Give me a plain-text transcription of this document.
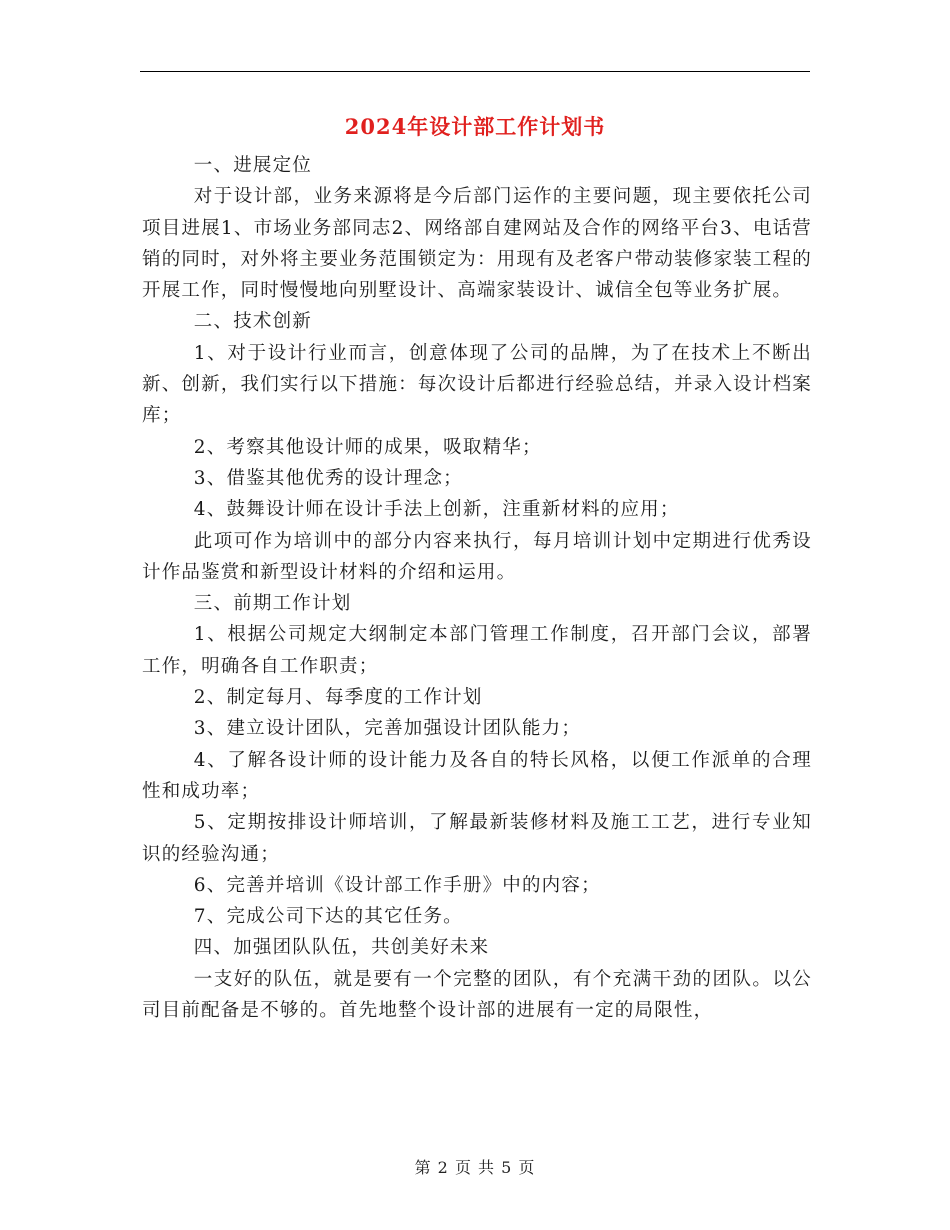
2024年设计部工作计划书

一、进展定位

对于设计部，业务来源将是今后部门运作的主要问题，现主要依托公司项目进展1、市场业务部同志2、网络部自建网站及合作的网络平台3、电话营销的同时，对外将主要业务范围锁定为：用现有及老客户带动装修家装工程的开展工作，同时慢慢地向别墅设计、高端家装设计、诚信全包等业务扩展。

二、技术创新

1、对于设计行业而言，创意体现了公司的品牌，为了在技术上不断出新、创新，我们实行以下措施：每次设计后都进行经验总结，并录入设计档案库；

2、考察其他设计师的成果，吸取精华；

3、借鉴其他优秀的设计理念；

4、鼓舞设计师在设计手法上创新，注重新材料的应用；

此项可作为培训中的部分内容来执行，每月培训计划中定期进行优秀设计作品鉴赏和新型设计材料的介绍和运用。

三、前期工作计划

1、根据公司规定大纲制定本部门管理工作制度，召开部门会议，部署工作，明确各自工作职责；

2、制定每月、每季度的工作计划

3、建立设计团队，完善加强设计团队能力；

4、了解各设计师的设计能力及各自的特长风格，以便工作派单的合理性和成功率；

5、定期按排设计师培训，了解最新装修材料及施工工艺，进行专业知识的经验沟通；

6、完善并培训《设计部工作手册》中的内容；

7、完成公司下达的其它任务。

四、加强团队队伍，共创美好未来

一支好的队伍，就是要有一个完整的团队，有个充满干劲的团队。以公司目前配备是不够的。首先地整个设计部的进展有一定的局限性，

第 2 页 共 5 页
